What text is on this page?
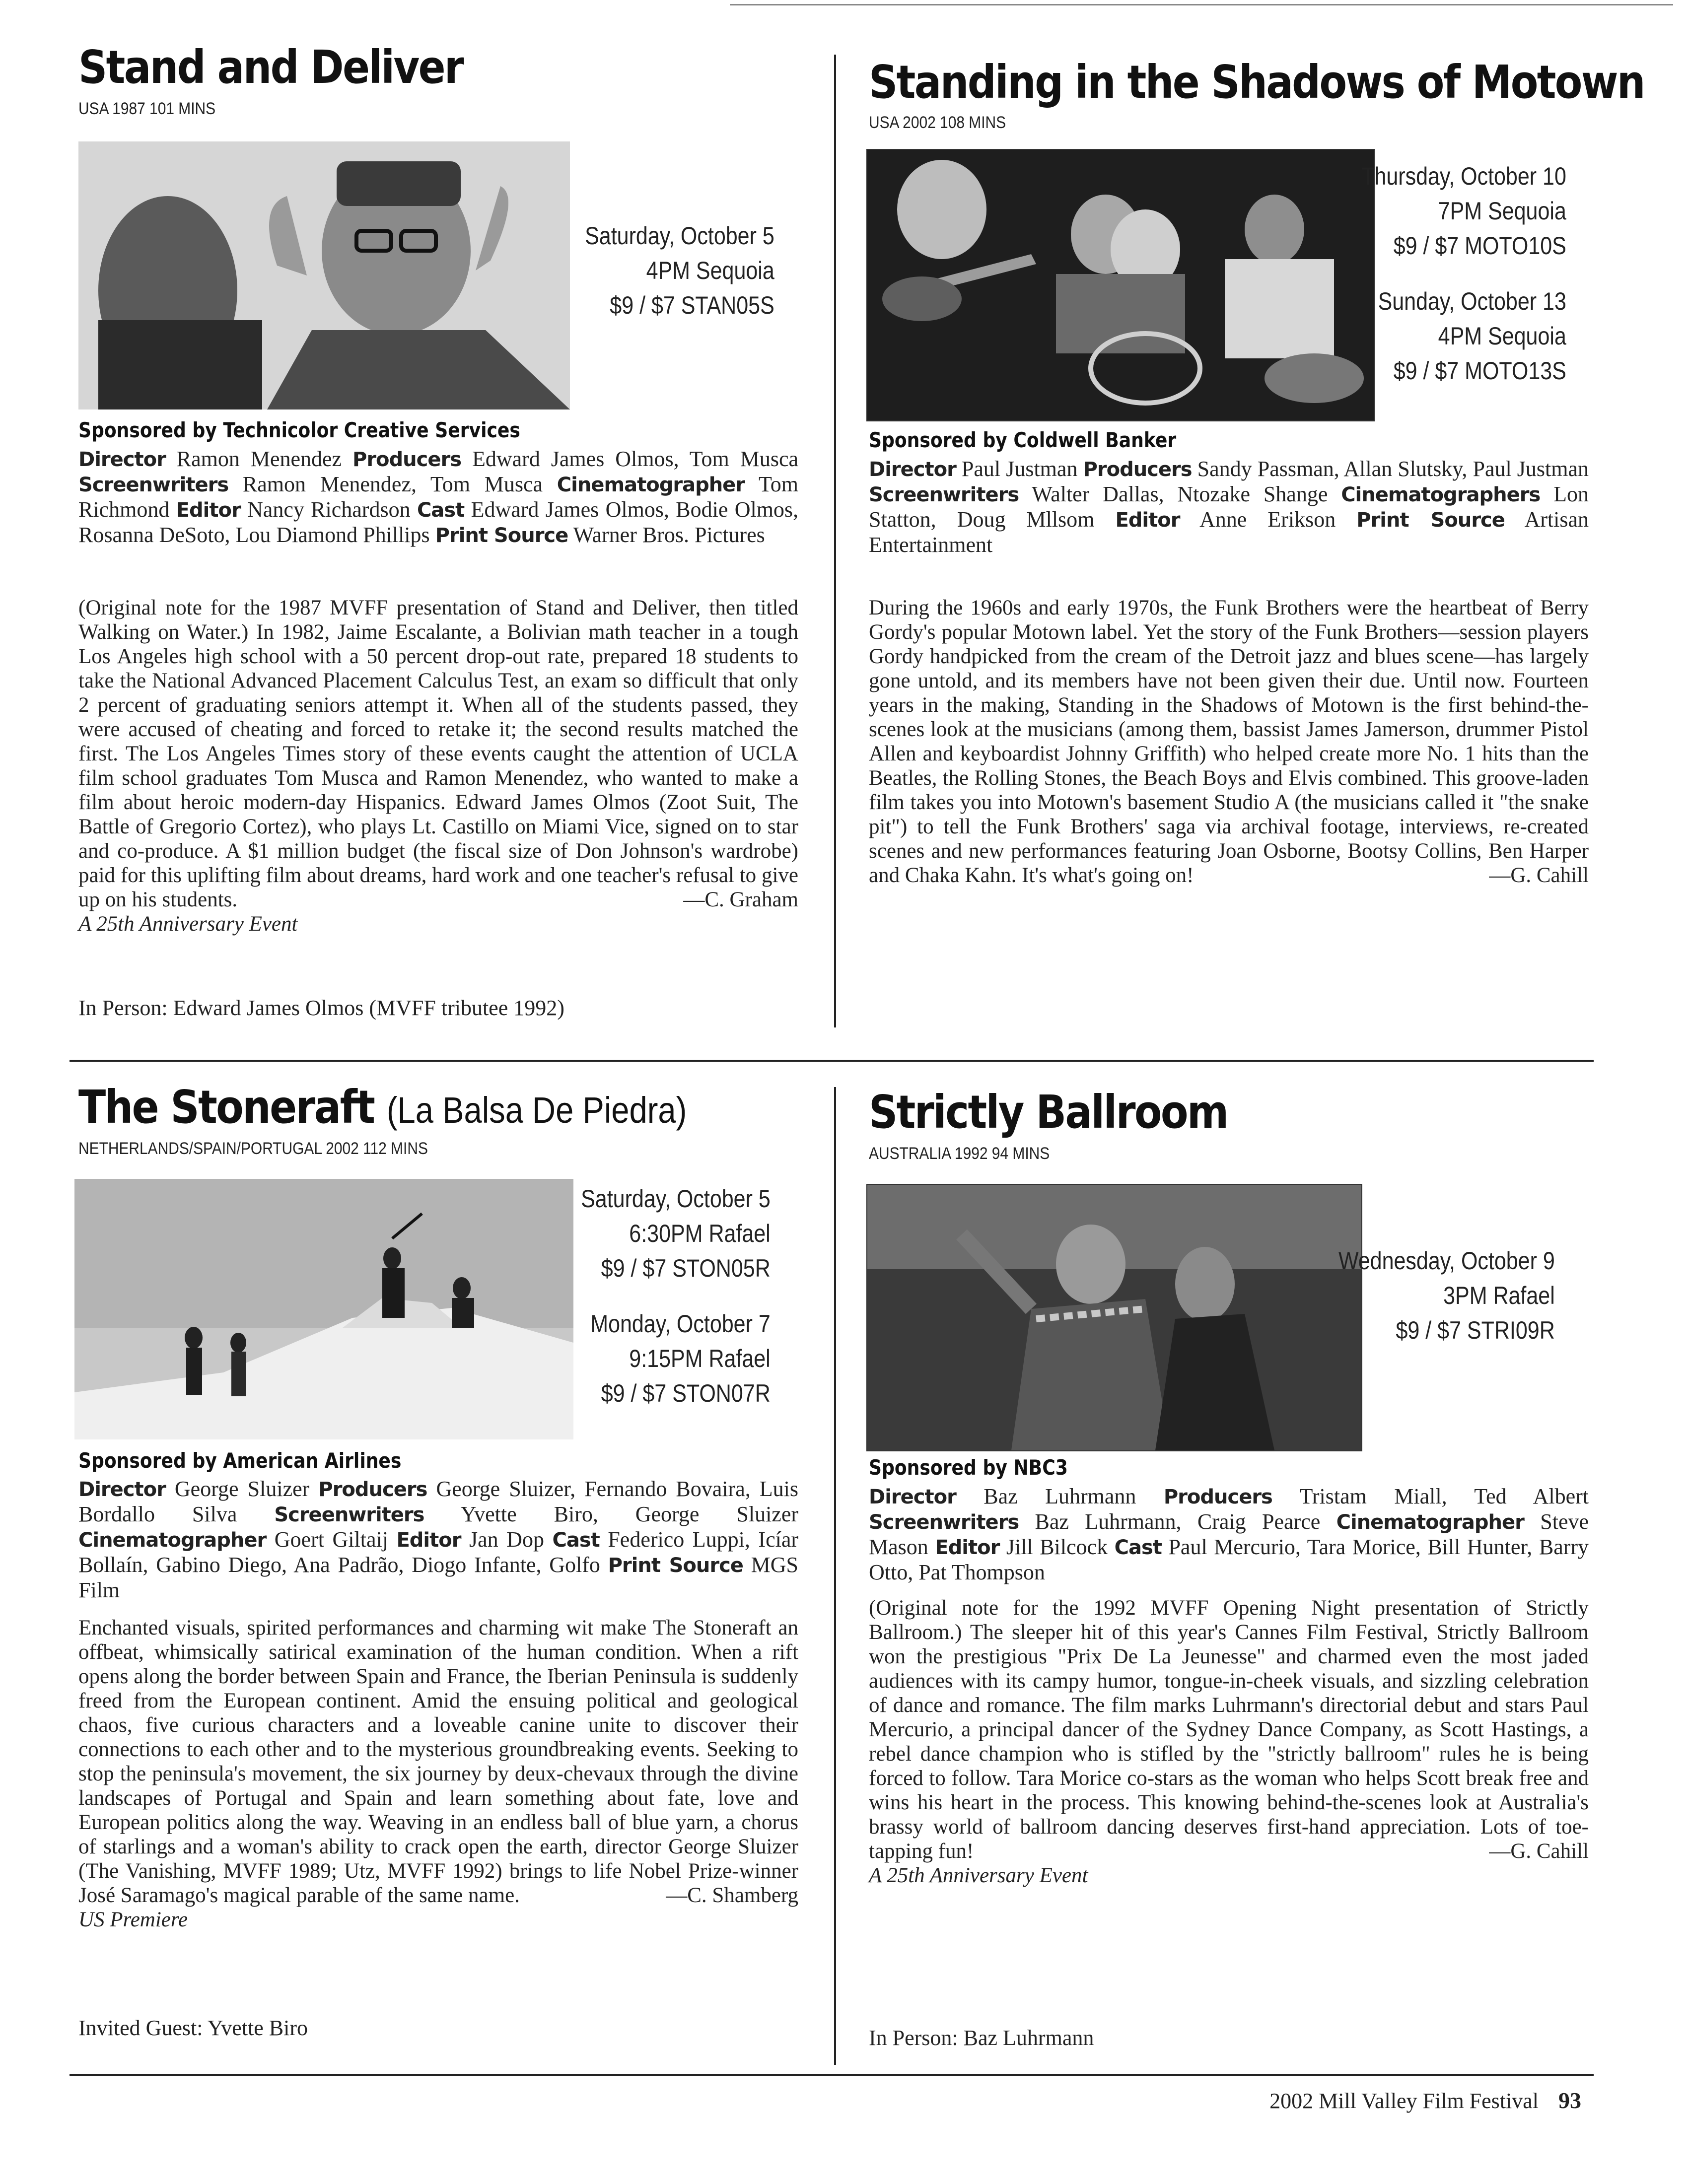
Stand and Deliver
USA 1987 101 MINS
Saturday, October 5
4PM Sequoia
$9 / $7 STAN05S
Sponsored by Technicolor Creative Services
Director Ramon Menendez Producers Edward James Olmos, Tom Musca Screenwriters Ramon Menendez, Tom Musca Cinematographer Tom Richmond Editor Nancy Richardson Cast Edward James Olmos, Bodie Olmos, Rosanna DeSoto, Lou Diamond Phillips Print Source Warner Bros. Pictures
(Original note for the 1987 MVFF presentation of Stand and Deliver, then titled Walking on Water.) In 1982, Jaime Escalante, a Bolivian math teacher in a tough Los Angeles high school with a 50 percent drop-out rate, prepared 18 students to take the National Advanced Placement Calculus Test, an exam so difficult that only 2 percent of graduating seniors attempt it. When all of the students passed, they were accused of cheating and forced to retake it; the second results matched the first. The Los Angeles Times story of these events caught the attention of UCLA film school graduates Tom Musca and Ramon Menendez, who wanted to make a film about heroic modern-day Hispanics. Edward James Olmos (Zoot Suit, The Battle of Gregorio Cortez), who plays Lt. Castillo on Miami Vice, signed on to star and co-produce. A $1 million budget (the fiscal size of Don Johnson's wardrobe) paid for this uplifting film about dreams, hard work and one teacher's refusal to give up on his students.	—C. Graham
A 25th Anniversary Event
In Person: Edward James Olmos (MVFF tributee 1992)
Standing in the Shadows of Motown
USA 2002 108 MINS
Thursday, October 10
7PM Sequoia
$9 / $7 MOTO10S
Sunday, October 13
4PM Sequoia
$9 / $7 MOTO13S
Sponsored by Coldwell Banker
Director Paul Justman Producers Sandy Passman, Allan Slutsky, Paul Justman Screenwriters Walter Dallas, Ntozake Shange Cinematographers Lon Statton, Doug Mllsom Editor Anne Erikson Print Source Artisan Entertainment
During the 1960s and early 1970s, the Funk Brothers were the heartbeat of Berry Gordy's popular Motown label. Yet the story of the Funk Brothers—session players Gordy handpicked from the cream of the Detroit jazz and blues scene—has largely gone untold, and its members have not been given their due. Until now. Fourteen years in the making, Standing in the Shadows of Motown is the first behind-the-scenes look at the musicians (among them, bassist James Jamerson, drummer Pistol Allen and keyboardist Johnny Griffith) who helped create more No. 1 hits than the Beatles, the Rolling Stones, the Beach Boys and Elvis combined. This groove-laden film takes you into Motown's basement Studio A (the musicians called it "the snake pit") to tell the Funk Brothers' saga via archival footage, interviews, re-created scenes and new performances featuring Joan Osborne, Bootsy Collins, Ben Harper and Chaka Kahn. It's what's going on!	—G. Cahill
The Stoneraft (La Balsa De Piedra)
NETHERLANDS/SPAIN/PORTUGAL 2002 112 MINS
Saturday, October 5
6:30PM Rafael
$9 / $7 STON05R
Monday, October 7
9:15PM Rafael
$9 / $7 STON07R
Sponsored by American Airlines
Director George Sluizer Producers George Sluizer, Fernando Bovaira, Luis Bordallo Silva Screenwriters Yvette Biro, George Sluizer Cinematographer Goert Giltaij Editor Jan Dop Cast Federico Luppi, Icíar Bollaín, Gabino Diego, Ana Padrão, Diogo Infante, Golfo Print Source MGS Film
Enchanted visuals, spirited performances and charming wit make The Stoneraft an offbeat, whimsically satirical examination of the human condition. When a rift opens along the border between Spain and France, the Iberian Peninsula is suddenly freed from the European continent. Amid the ensuing political and geological chaos, five curious characters and a loveable canine unite to discover their connections to each other and to the mysterious groundbreaking events. Seeking to stop the peninsula's movement, the six journey by deux-chevaux through the divine landscapes of Portugal and Spain and learn something about fate, love and European politics along the way. Weaving in an endless ball of blue yarn, a chorus of starlings and a woman's ability to crack open the earth, director George Sluizer (The Vanishing, MVFF 1989; Utz, MVFF 1992) brings to life Nobel Prize-winner José Saramago's magical parable of the same name.	—C. Shamberg
US Premiere
Invited Guest: Yvette Biro
Strictly Ballroom
AUSTRALIA 1992 94 MINS
Wednesday, October 9
3PM Rafael
$9 / $7 STRI09R
Sponsored by NBC3
Director Baz Luhrmann Producers Tristam Miall, Ted Albert Screenwriters Baz Luhrmann, Craig Pearce Cinematographer Steve Mason Editor Jill Bilcock Cast Paul Mercurio, Tara Morice, Bill Hunter, Barry Otto, Pat Thompson
(Original note for the 1992 MVFF Opening Night presentation of Strictly Ballroom.) The sleeper hit of this year's Cannes Film Festival, Strictly Ballroom won the prestigious "Prix De La Jeunesse" and charmed even the most jaded audiences with its campy humor, tongue-in-cheek visuals, and sizzling celebration of dance and romance. The film marks Luhrmann's directorial debut and stars Paul Mercurio, a principal dancer of the Sydney Dance Company, as Scott Hastings, a rebel dance champion who is stifled by the "strictly ballroom" rules he is being forced to follow. Tara Morice co-stars as the woman who helps Scott break free and wins his heart in the process. This knowing behind-the-scenes look at Australia's brassy world of ballroom dancing deserves first-hand appreciation. Lots of toe-tapping fun!	—G. Cahill
A 25th Anniversary Event
In Person: Baz Luhrmann
2002 Mill Valley Film Festival 93
